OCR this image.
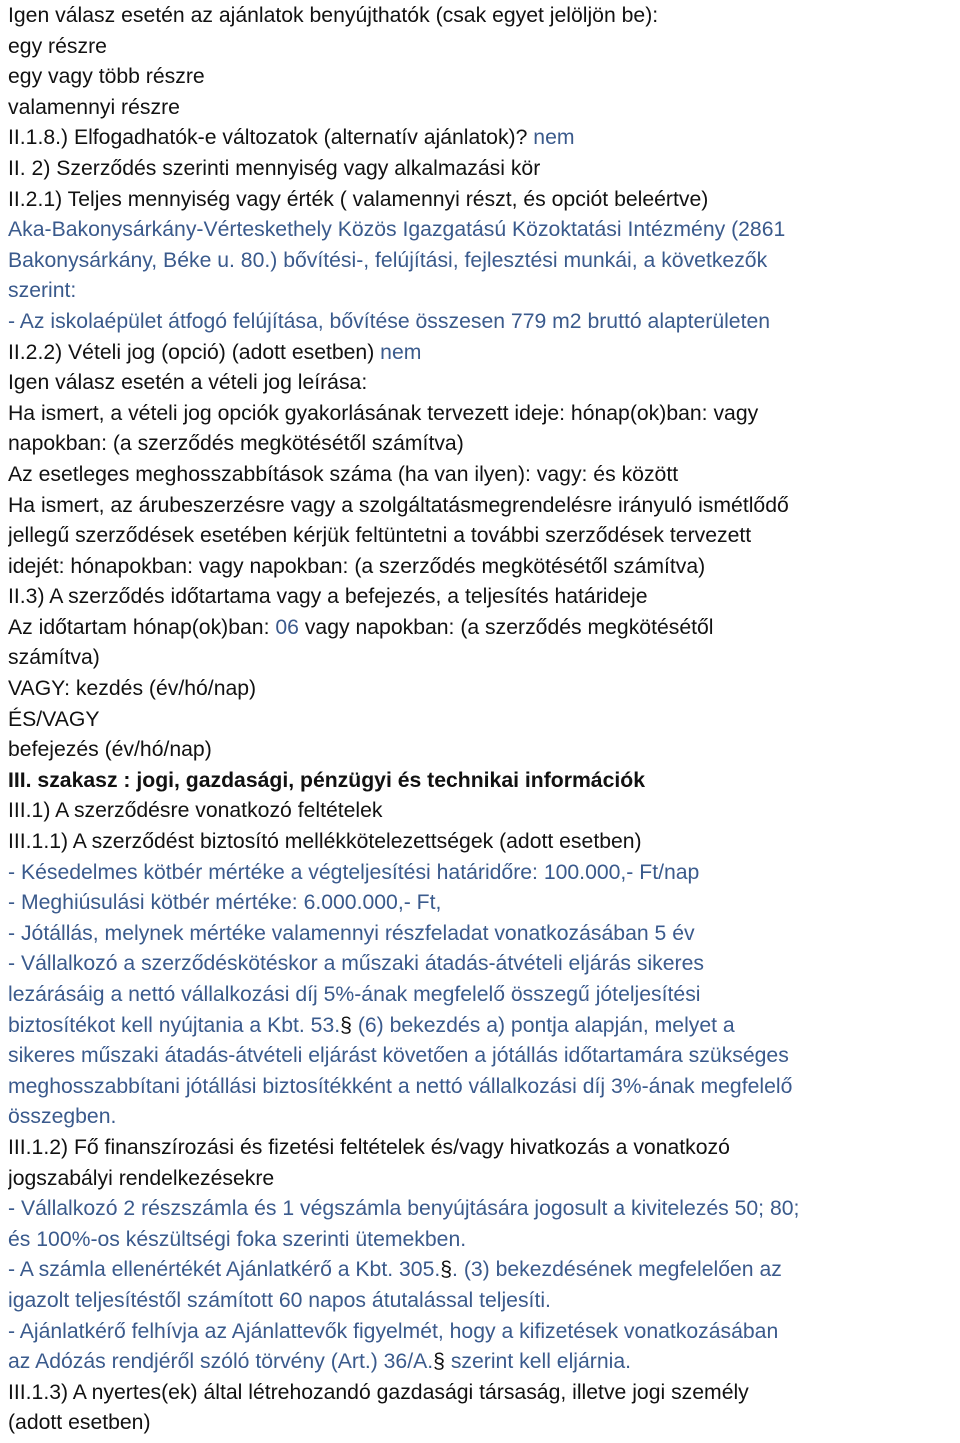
Igen válasz esetén az ajánlatok benyújthatók (csak egyet jelöljön be):
egy részre
egy vagy több részre
valamennyi részre
II.1.8.) Elfogadhatók-e változatok (alternatív ajánlatok)? nem
II. 2) Szerződés szerinti mennyiség vagy alkalmazási kör
II.2.1) Teljes mennyiség vagy érték ( valamennyi részt, és opciót beleértve)
Aka-Bakonysárkány-Vérteskethely Közös Igazgatású Közoktatási Intézmény (2861
Bakonysárkány, Béke u. 80.) bővítési-, felújítási, fejlesztési munkái, a következők
szerint:
- Az iskolaépület átfogó felújítása, bővítése összesen 779 m2 bruttó alapterületen
II.2.2) Vételi jog (opció) (adott esetben) nem
Igen válasz esetén a vételi jog leírása:
Ha ismert, a vételi jog opciók gyakorlásának tervezett ideje: hónap(ok)ban: vagy
napokban: (a szerződés megkötésétől számítva)
Az esetleges meghosszabbítások száma (ha van ilyen): vagy: és között
Ha ismert, az árubeszerzésre vagy a szolgáltatásmegrendelésre irányuló ismétlődő
jellegű szerződések esetében kérjük feltüntetni a további szerződések tervezett
idejét: hónapokban: vagy napokban: (a szerződés megkötésétől számítva)
II.3) A szerződés időtartama vagy a befejezés, a teljesítés határideje
Az időtartam hónap(ok)ban: 06 vagy napokban: (a szerződés megkötésétől
számítva)
VAGY: kezdés (év/hó/nap)
ÉS/VAGY
befejezés (év/hó/nap)
III. szakasz : jogi, gazdasági, pénzügyi és technikai információk
III.1) A szerződésre vonatkozó feltételek
III.1.1) A szerződést biztosító mellékkötelezettségek (adott esetben)
- Késedelmes kötbér mértéke a végteljesítési határidőre: 100.000,- Ft/nap
- Meghiúsulási kötbér mértéke: 6.000.000,- Ft,
- Jótállás, melynek mértéke valamennyi részfeladat vonatkozásában 5 év
- Vállalkozó a szerződéskötéskor a műszaki átadás-átvételi eljárás sikeres
lezárásáig a nettó vállalkozási díj 5%-ának megfelelő összegű jóteljesítési
biztosítékot kell nyújtania a Kbt. 53.§ (6) bekezdés a) pontja alapján, melyet a
sikeres műszaki átadás-átvételi eljárást követően a jótállás időtartamára szükséges
meghosszabbítani jótállási biztosítékként a nettó vállalkozási díj 3%-ának megfelelő
összegben.
III.1.2) Fő finanszírozási és fizetési feltételek és/vagy hivatkozás a vonatkozó
jogszabályi rendelkezésekre
- Vállalkozó 2 részszámla és 1 végszámla benyújtására jogosult a kivitelezés 50; 80;
és 100%-os készültségi foka szerinti ütemekben.
- A számla ellenértékét Ajánlatkérő a Kbt. 305.§. (3) bekezdésének megfelelően az
igazolt teljesítéstől számított 60 napos átutalással teljesíti.
- Ajánlatkérő felhívja az Ajánlattevők figyelmét, hogy a kifizetések vonatkozásában
az Adózás rendjéről szóló törvény (Art.) 36/A.§ szerint kell eljárnia.
III.1.3) A nyertes(ek) által létrehozandó gazdasági társaság, illetve jogi személy
(adott esetben)
